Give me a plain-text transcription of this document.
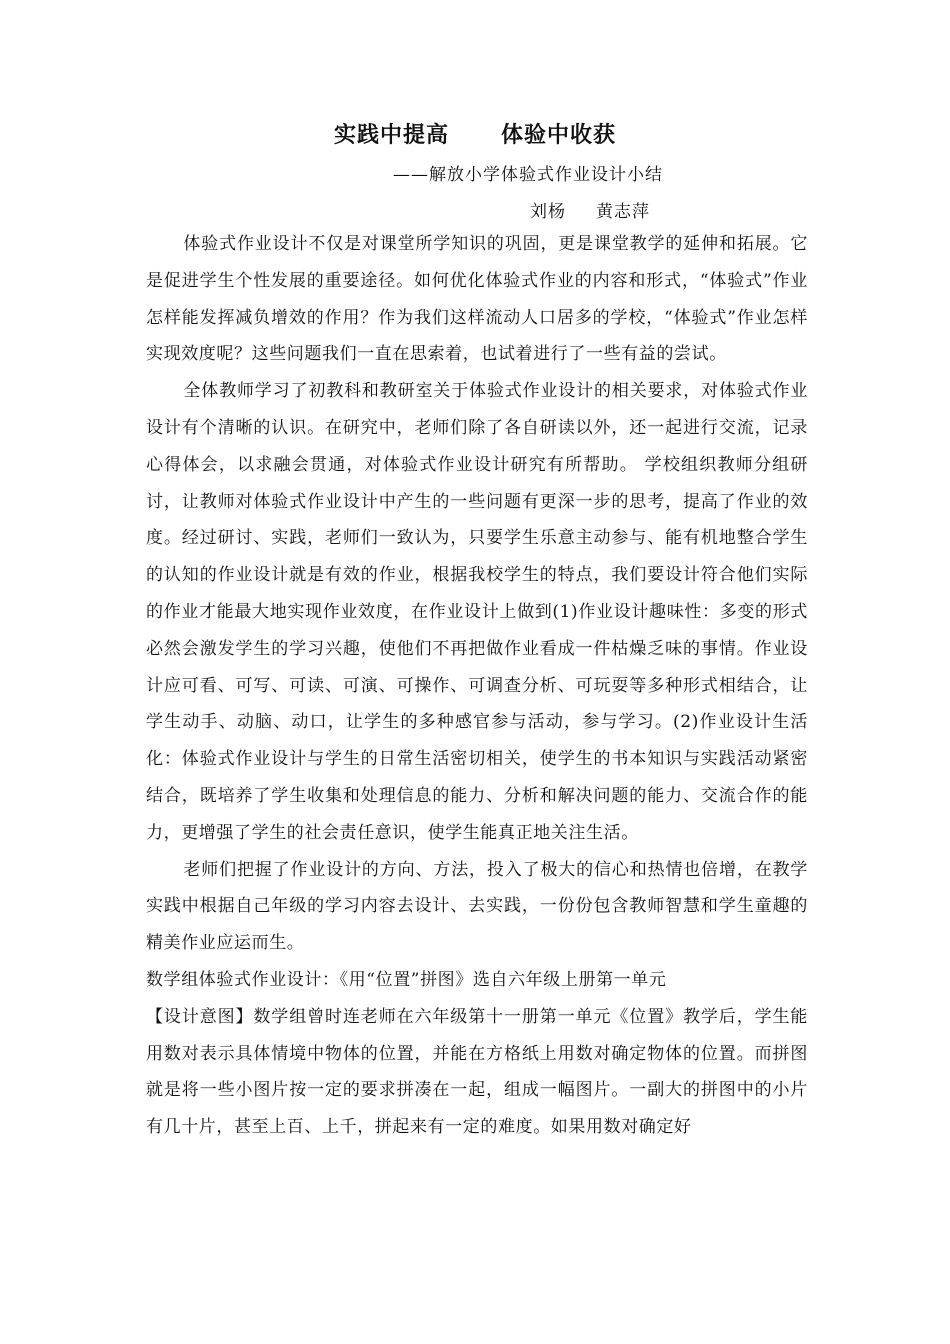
实践中提高 体验中收获
——解放小学体验式作业设计小结
刘杨 黄志萍

体验式作业设计不仅是对课堂所学知识的巩固，更是课堂教学的延伸和拓展。它是促进学生个性发展的重要途径。如何优化体验式作业的内容和形式，“体验式”作业怎样能发挥减负增效的作用？作为我们这样流动人口居多的学校，“体验式”作业怎样实现效度呢？这些问题我们一直在思索着，也试着进行了一些有益的尝试。

全体教师学习了初教科和教研室关于体验式作业设计的相关要求，对体验式作业设计有个清晰的认识。在研究中，老师们除了各自研读以外，还一起进行交流，记录心得体会，以求融会贯通，对体验式作业设计研究有所帮助。 学校组织教师分组研讨，让教师对体验式作业设计中产生的一些问题有更深一步的思考，提高了作业的效度。经过研讨、实践，老师们一致认为，只要学生乐意主动参与、能有机地整合学生的认知的作业设计就是有效的作业，根据我校学生的特点，我们要设计符合他们实际的作业才能最大地实现作业效度，在作业设计上做到(1)作业设计趣味性：多变的形式必然会激发学生的学习兴趣，使他们不再把做作业看成一件枯燥乏味的事情。作业设计应可看、可写、可读、可演、可操作、可调查分析、可玩耍等多种形式相结合，让学生动手、动脑、动口，让学生的多种感官参与活动，参与学习。(2)作业设计生活化：体验式作业设计与学生的日常生活密切相关，使学生的书本知识与实践活动紧密结合，既培养了学生收集和处理信息的能力、分析和解决问题的能力、交流合作的能力，更增强了学生的社会责任意识，使学生能真正地关注生活。

老师们把握了作业设计的方向、方法，投入了极大的信心和热情也倍增，在教学实践中根据自己年级的学习内容去设计、去实践，一份份包含教师智慧和学生童趣的精美作业应运而生。

数学组体验式作业设计：《用“位置”拼图》选自六年级上册第一单元

【设计意图】数学组曾时连老师在六年级第十一册第一单元《位置》教学后，学生能用数对表示具体情境中物体的位置，并能在方格纸上用数对确定物体的位置。而拼图就是将一些小图片按一定的要求拼凑在一起，组成一幅图片。一副大的拼图中的小片有几十片，甚至上百、上千，拼起来有一定的难度。如果用数对确定好
